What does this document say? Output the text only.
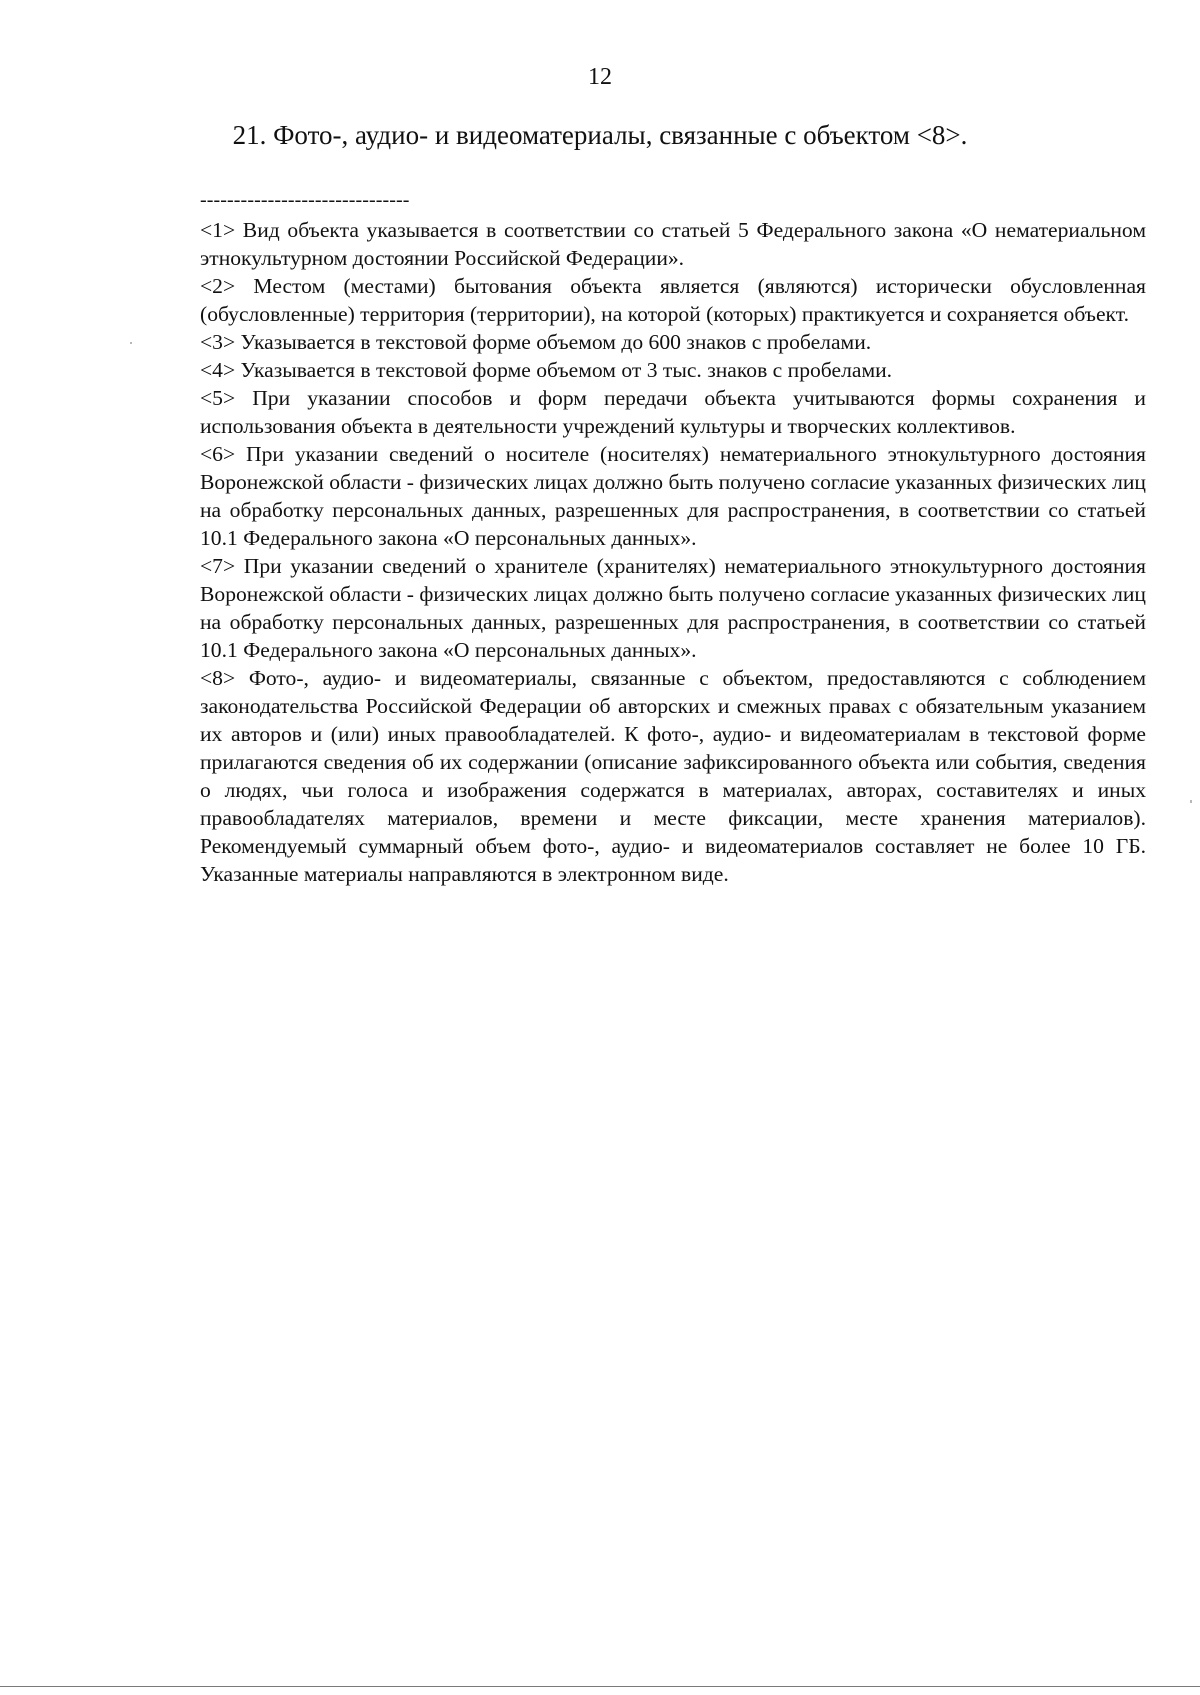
12
21. Фото-, аудио- и видеоматериалы, связанные с объектом <8>.
-------------------------------

<1> Вид объекта указывается в соответствии со статьей 5 Федерального закона «О нематериальном этнокультурном достоянии Российской Федерации».

<2> Местом (местами) бытования объекта является (являются) исторически обусловленная (обусловленные) территория (территории), на которой (которых) практикуется и сохраняется объект.

<3> Указывается в текстовой форме объемом до 600 знаков с пробелами.

<4> Указывается в текстовой форме объемом от 3 тыс. знаков с пробелами.

<5> При указании способов и форм передачи объекта учитываются формы сохранения и использования объекта в деятельности учреждений культуры и творческих коллективов.

<6> При указании сведений о носителе (носителях) нематериального этнокультурного достояния Воронежской области - физических лицах должно быть получено согласие указанных физических лиц на обработку персональных данных, разрешенных для распространения, в соответствии со статьей 10.1 Федерального закона «О персональных данных».

<7> При указании сведений о хранителе (хранителях) нематериального этнокультурного достояния Воронежской области - физических лицах должно быть получено согласие указанных физических лиц на обработку персональных данных, разрешенных для распространения, в соответствии со статьей 10.1 Федерального закона «О персональных данных».

<8> Фото-, аудио- и видеоматериалы, связанные с объектом, предоставляются с соблюдением законодательства Российской Федерации об авторских и смежных правах с обязательным указанием их авторов и (или) иных правообладателей. К фото-, аудио- и видеоматериалам в текстовой форме прилагаются сведения об их содержании (описание зафиксированного объекта или события, сведения о людях, чьи голоса и изображения содержатся в материалах, авторах, составителях и иных правообладателях материалов, времени и месте фиксации, месте хранения материалов). Рекомендуемый суммарный объем фото-, аудио- и видеоматериалов составляет не более 10 ГБ. Указанные материалы направляются в электронном виде.
